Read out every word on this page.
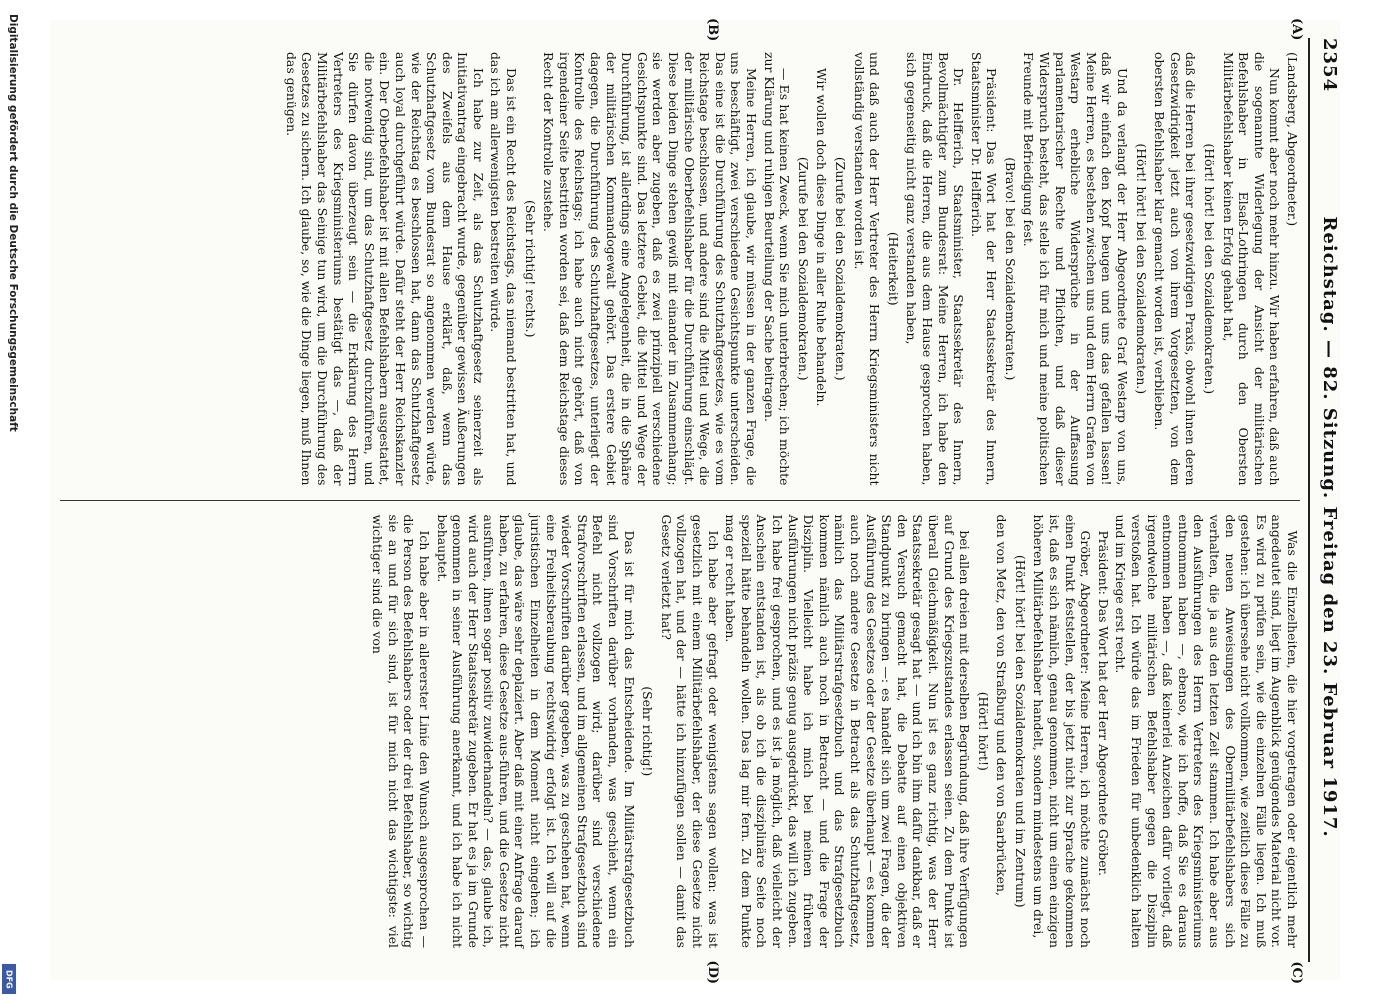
Digitalisierung gefördert durch die Deutsche Forschungsgemeinschaft
DFG
2354
Reichstag. — 82. Sitzung. Freitag den 23. Februar 1917.
(A)
(B)
(C)
(D)

(Landsberg, Abgeordneter.)

Nun kommt aber noch mehr hinzu. Wir haben erfahren, daß auch die sogenannte Widerlegung der Ansicht der militärischen Befehlshaber in Elsaß-Lothringen durch den Obersten Militärbefehlshaber keinen Erfolg gehabt hat,

(Hört! hört! bei den Sozialdemokraten.)

daß die Herren bei ihrer gesetzwidrigen Praxis, obwohl ihnen deren Gesetzwidrigkeit jetzt auch von ihrem Vorgesetzten, von dem obersten Befehlshaber klar gemacht worden ist, verblieben.

(Hört! hört! bei den Sozialdemokraten.)

Und da verlangt der Herr Abgeordnete Graf Westarp von uns, daß wir einfach den Kopf beugen und uns das gefallen lassen! Meine Herren, es bestehen zwischen uns und dem Herrn Grafen von Westarp erhebliche Widersprüche in der Auffassung parlamentarischer Rechte und Pflichten, und daß dieser Widerspruch besteht, das stelle ich für mich und meine politischen Freunde mit Befriedigung fest.

(Bravo! bei den Sozialdemokraten.)

Präsident: Das Wort hat der Herr Staatssekretär des Innern, Staatsminister Dr. Helfferich.

Dr. Helfferich, Staatsminister, Staatssekretär des Innern, Bevollmächtigter zum Bundesrat: Meine Herren, ich habe den Eindruck, daß die Herren, die aus dem Hause gesprochen haben, sich gegenseitig nicht ganz verstanden haben,

(Heiterkeit)

und daß auch der Herr Vertreter des Herrn Kriegsministers nicht vollständig verstanden worden ist.

(Zurufe bei den Sozialdemokraten.)

Wir wollen doch diese Dinge in aller Ruhe behandeln.

(Zurufe bei den Sozialdemokraten.)

— Es hat keinen Zweck, wenn Sie mich unterbrechen; ich möchte zur Klärung und ruhigen Beurteilung der Sache beitragen.

Meine Herren, ich glaube, wir müssen in der ganzen Frage, die uns beschäftigt, zwei verschiedene Gesichtspunkte unterscheiden. Das eine ist die Durchführung des Schutzhaftgesetzes, wie es vom Reichstage beschlossen, und andere sind die Mittel und Wege, die der militärische Oberbefehlshaber für die Durchführung einschlägt. Diese beiden Dinge stehen gewiß mit einander im Zusammenhang; sie werden aber zugeben, daß es zwei prinzipiell verschiedene Gesichtspunkte sind. Das letztere Gebiet, die Mittel und Wege der Durchführung, ist allerdings eine Angelegenheit, die in die Sphäre der militärischen Kommandogewalt gehört. Das erstere Gebiet dagegen, die Durchführung des Schutzhaftgesetzes, unterliegt der Kontrolle des Reichstags; ich habe auch nicht gehört, daß von irgendeiner Seite bestritten worden sei, daß dem Reichstage dieses Recht der Kontrolle zustehe.

(Sehr richtig! rechts.)

Das ist ein Recht des Reichstags, das niemand bestritten hat, und das ich am allerwenigsten bestreiten würde.

Ich habe zur Zeit, als das Schutzhaftgesetz seinerzeit als Initiativantrag eingebracht wurde, gegenüber gewissen Äußerungen des Zweifels aus dem Hause erklärt, daß, wenn das Schutzhaftgesetz vom Bundesrat so angenommen werden würde, wie der Reichstag es beschlossen hat, dann das Schutzhaftgesetz auch loyal durchgeführt würde. Dafür steht der Herr Reichskanzler ein. Der Oberbefehlshaber ist mit allen Befehlshabern ausgestattet, die notwendig sind, um das Schutzhaftgesetz durchzuführen, und Sie dürfen davon überzeugt sein — die Erklärung des Herrn Vertreters des Kriegsministeriums bestätigt das —, daß der Militärbefehlshaber das Seinige tun wird, um die Durchführung des Gesetzes zu sichern. Ich glaube, so, wie die Dinge liegen, muß Ihnen das genügen.

Was die Einzelheiten, die hier vorgetragen oder eigentlich mehr angedeutet sind, liegt im Augenblick genügendes Material nicht vor. Es wird zu prüfen sein, wie die einzelnen Fälle liegen. Ich muß gestehen: ich übersehe nicht vollkommen, wie zeitlich diese Fälle zu den neuen Anweisungen des Obermilitärbefehlshabers sich verhalten, die ja aus den letzten Zeit stammen. Ich habe aber aus den Ausführungen des Herrn Vertreters des Kriegsministeriums entnommen haben —, ebenso, wie ich hoffe, daß Sie es daraus entnommen haben —, daß keinerlei Anzeichen dafür vorliegt, daß irgendwelche militärischen Befehlshaber gegen die Disziplin verstoßen hat. Ich würde das im Frieden für unbedenklich halten und im Kriege erst recht.

Präsident: Das Wort hat der Herr Abgeordnete Gröber.

Gröber, Abgeordneter: Meine Herren, ich möchte zunächst noch einen Punkt feststellen, der bis jetzt nicht zur Sprache gekommen ist, daß es sich nämlich, genau genommen, nicht um einen einzigen höheren Militärbefehlshaber handelt, sondern mindestens um drei,

(Hört! hört! bei den Sozialdemokraten und im Zentrum)

den von Metz, den von Straßburg und den von Saarbrücken,

(Hört! hört!)

bei allen dreien mit derselben Begründung, daß ihre Verfügungen auf Grund des Kriegszustandes erlassen seien. Zu dem Punkte ist überall Gleichmäßigkeit. Nun ist es ganz richtig, was der Herr Staatssekretär gesagt hat — und ich bin ihm dafür dankbar, daß er den Versuch gemacht hat, die Debatte auf einen objektiven Standpunkt zu bringen —: es handelt sich um zwei Fragen, die der Ausführung des Gesetzes oder der Gesetze überhaupt — es kommen auch noch andere Gesetze in Betracht als das Schutzhaftgesetz, nämlich das Militärstrafgesetzbuch und das Strafgesetzbuch kommen nämlich auch noch in Betracht — und die Frage der Disziplin. Vielleicht habe ich mich bei meinen früheren Ausführungen nicht präzis genug ausgedrückt, das will ich zugeben. Ich habe frei gesprochen, und es ist ja möglich, daß vielleicht der Anschein entstanden ist, als ob ich die disziplinäre Seite noch speziell hätte behandeln wollen. Das lag mir fern. Zu dem Punkte mag er recht haben.

Ich habe aber gefragt oder wenigstens sagen wollen: was ist gesetzlich mit einem Militärbefehlshaber, der diese Gesetze nicht vollzogen hat, und der — hätte ich hinzufügen sollen — damit das Gesetz verletzt hat?

(Sehr richtig!)

Das ist für mich das Entscheidende. Im Militärstrafgesetzbuch sind Vorschriften darüber vorhanden, was geschieht, wenn ein Befehl nicht vollzogen wird; darüber sind verschiedene Strafvorschriften erlassen, und im allgemeinen Strafgesetzbuch sind wieder Vorschriften darüber gegeben, was zu geschehen hat, wenn eine Freiheitsberaubung rechtswidrig erfolgt ist. Ich will auf die juristischen Einzelheiten in dem Moment nicht eingehen; ich glaube, das wäre sehr deplaziert. Aber daß mit einer Anfrage darauf haben, zu erfahren, diese Gesetze aus-führen, und die Gesetze nicht ausführen, ihnen sogar positiv zuwiderhandeln? — das, glaube ich, wird auch der Herr Staatssekretär zugeben. Er hat es ja im Grunde genommen in seiner Ausführung anerkannt, und ich habe ich nicht behauptet.

Ich habe aber in allererster Linie den Wunsch ausgesprochen — die Person des Befehlshabers oder der drei Befehlshaber, so wichtig sie an und für sich sind, ist für mich nicht das wichtigste: viel wichtiger sind die von
